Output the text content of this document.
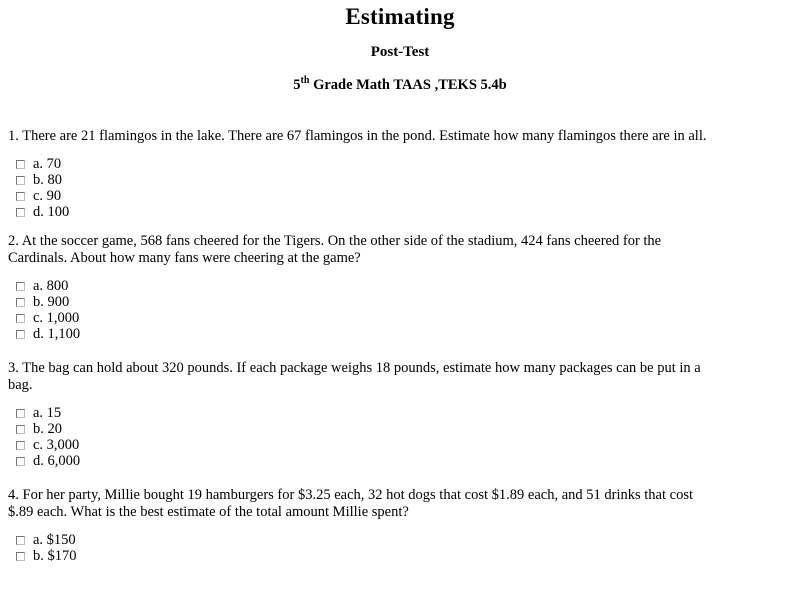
Estimating
Post-Test
5th Grade Math TAAS ,TEKS 5.4b

1. There are 21 flamingos in the lake. There are 67 flamingos in the pond. Estimate how many flamingos there are in all.

a. 70
b. 80
c. 90
d. 100

2. At the soccer game, 568 fans cheered for the Tigers. On the other side of the stadium, 424 fans cheered for the Cardinals. About how many fans were cheering at the game?

a. 800
b. 900
c. 1,000
d. 1,100

3. The bag can hold about 320 pounds. If each package weighs 18 pounds, estimate how many packages can be put in a bag.

a. 15
b. 20
c. 3,000
d. 6,000

4. For her party, Millie bought 19 hamburgers for $3.25 each, 32 hot dogs that cost $1.89 each, and 51 drinks that cost $.89 each. What is the best estimate of the total amount Millie spent?

a. $150
b. $170
